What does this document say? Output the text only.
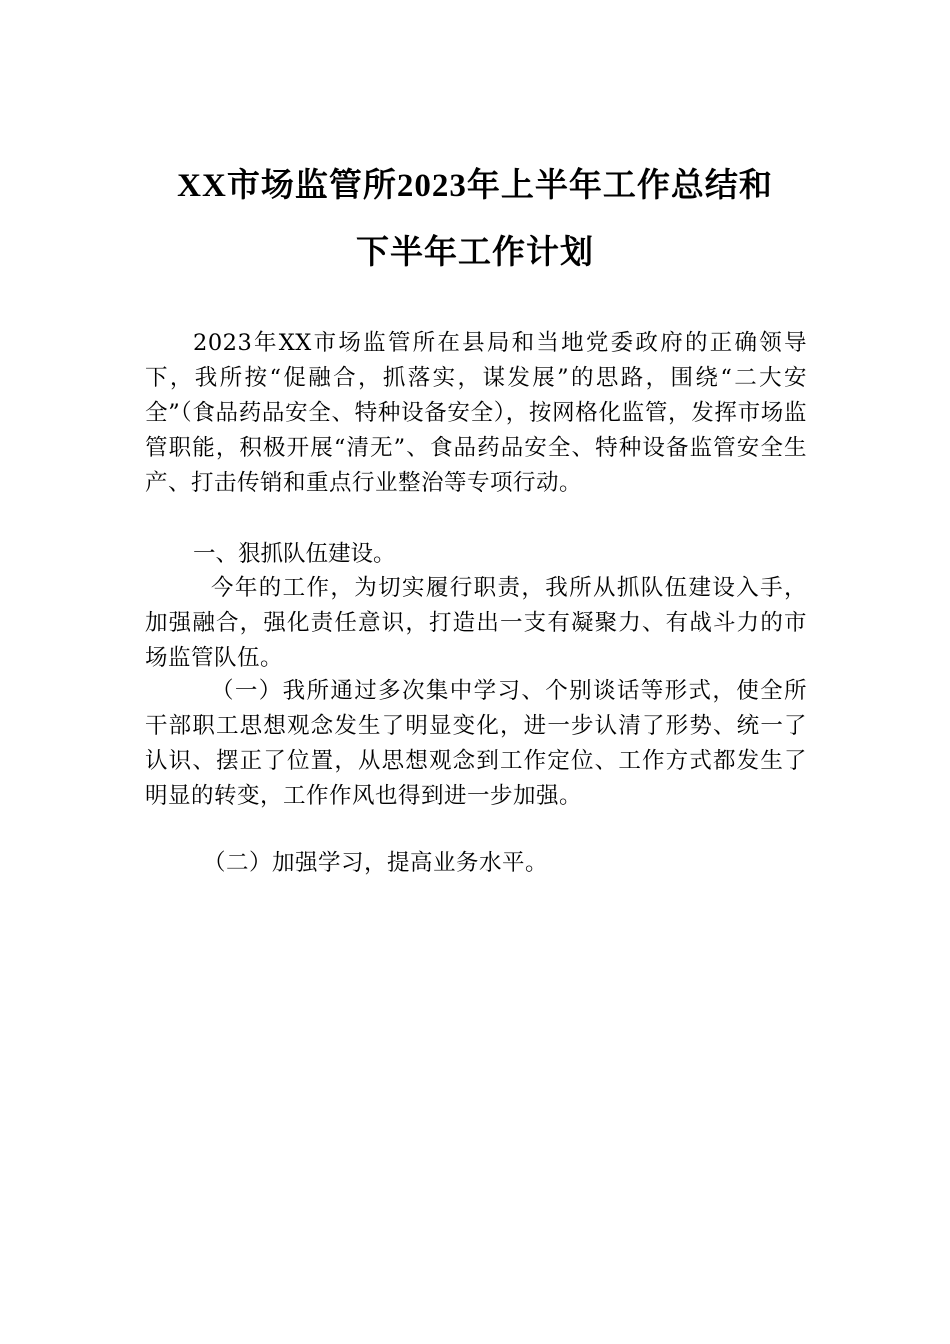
XX市场监管所2023年上半年工作总结和
下半年工作计划

2023年XX市场监管所在县局和当地党委政府的正确领导下，我所按“促融合，抓落实，谋发展”的思路，围绕“二大安全”（食品药品安全、特种设备安全），按网格化监管，发挥市场监管职能，积极开展“清无”、食品药品安全、特种设备监管安全生产、打击传销和重点行业整治等专项行动。

一、狠抓队伍建设。

今年的工作，为切实履行职责，我所从抓队伍建设入手，加强融合，强化责任意识，打造出一支有凝聚力、有战斗力的市场监管队伍。

（一）我所通过多次集中学习、个别谈话等形式，使全所干部职工思想观念发生了明显变化，进一步认清了形势、统一了认识、摆正了位置，从思想观念到工作定位、工作方式都发生了明显的转变，工作作风也得到进一步加强。

（二）加强学习，提高业务水平。
